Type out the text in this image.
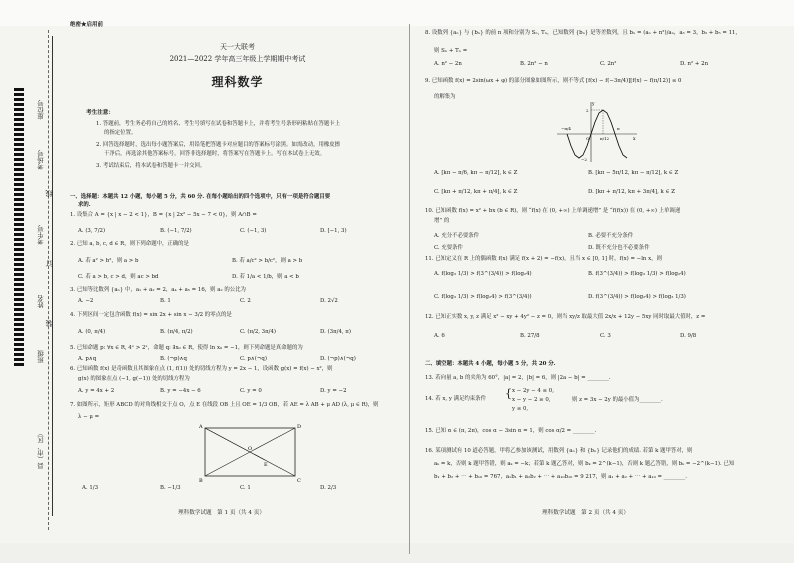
绝密★启用前
座位号
考场号
考生号
姓名
班级
县（市、区）
线
订
装
天一大联考
2021—2022 学年高三年级上学期期中考试
理科数学
考生注意：
1. 答题前，考生务必将自己的姓名、考生号填写在试卷和答题卡上，并将考生号条形码粘贴在答题卡上
的指定位置。
2. 回答选择题时，选出每小题答案后，用铅笔把答题卡对应题目的答案标号涂黑。如需改动，用橡皮擦
干净后，再选涂其他答案标号。回答非选择题时，将答案写在答题卡上。写在本试卷上无效。
3. 考试结束后，将本试卷和答题卡一并交回。
一、选择题：本题共 12 小题，每小题 5 分，共 60 分. 在每小题给出的四个选项中，只有一项是符合题目要
求的.
1. 设集合 A = {x | x − 2 < 1}，B = {x | 2x² − 5x − 7 < 0}，则 A∩B =
A. (3, 7/2)	B. (−1, 7/2)	C. (−1, 3)	D. [−1, 3)
2. 已知 a, b, c, d ∈ R，则下列命题中，正确的是
A. 若 a² > b²，则 a > b	B. 若 a/c² > b/c²，则 a > b
C. 若 a > b, c > d，则 ac > bd	D. 若 1/a < 1/b，则 a < b
3. 已知等比数列 {aₙ} 中，a₁ + a₂ = 2，a₄ + a₅ = 16，则 a₂ 的公比为
A. −2	B. 1	C. 2	D. 2√2
4. 下列区间一定包含函数 f(x) = sin 2x + sin x − 3/2 的零点的是
A. (0, π/4)	B. (π/4, π/2)	C. (π/2, 3π/4)	D. (3π/4, π)
5. 已知命题 p: ∀x ∈ R, 4ˣ > 2ˣ，命题 q: ∃x₀ ∈ R，使得 ln x₀ = −1，则下列命题是真命题的为
A. p∧q	B. (¬p)∧q	C. p∧(¬q)	D. (¬p)∧(¬q)
6. 已知函数 f(x) 是奇函数且其图象在点 (1, f(1)) 处的切线方程为 y = 2x − 1，设函数 g(x) = f(x) − x²，则
g(x) 的图象在点 (−1, g(−1)) 处的切线方程为
A. y = 4x + 2	B. y = −4x − 6	C. y = 0	D. y = −2
7. 如图所示，矩形 ABCD 的对角线相交于点 O，点 E 在线段 OB 上且 OE = 1/3 OB，若 AE = λ AB + μ AD (λ, μ ∈ R)，则
λ − μ =
A	D
B	C
O
E
A. 1/3	B. −1/3	C. 1	D. 2/3
理科数学试题　第 1 页（共 4 页）
8. 设数列 {aₙ} 与 {bₙ} 的前 n 项和分别为 Sₙ, Tₙ，已知数列 {bₙ} 是等差数列，且 bₙ = (aₙ + n²)/aₙ，a₃ = 3，b₃ + b₅ = 11，
则 Sₙ + Tₙ =
A. n² − 2n	B. 2n² − n	C. 2n²	D. n² + 2n
9. 已知函数 f(x) = 2sin(ωx + φ) 的部分图象如图所示，则不等式 [f(x) − f(−3π/4)][f(x) − f(π/12)] ≤ 0
的解集为
y
x
O
2
−2
−π/4
π/12
π
A. [kπ − π/6, kπ − π/12], k ∈ Z	B. [kπ − 5π/12, kπ − π/12], k ∈ Z
C. [kπ + π/12, kπ + π/4], k ∈ Z	D. [kπ + π/12, kπ + 3π/4], k ∈ Z
10. 已知函数 f(x) = x² + bx (b ∈ R)，则 “f(x) 在 (0, +∞) 上单调递增” 是 “f(f(x)) 在 (0, +∞) 上单调递
增” 的
A. 充分不必要条件	B. 必要不充分条件
C. 充要条件	D. 既不充分也不必要条件
11. 已知定义在 R 上的偶函数 f(x) 满足 f(x + 2) = −f(x)，且当 x ∈ [0, 1] 时，f(x) = −ln x，则
A. f(log₃ 1/3) > f(3^(3/4)) > f(log₂4)	B. f(3^(3/4)) > f(log₃ 1/3) > f(log₂4)
C. f(log₃ 1/3) > f(log₂4) > f(3^(3/4))	D. f(3^(3/4)) > f(log₂4) > f(log₃ 1/3)
12. 已知正实数 x, y, z 满足 x² − xy + 4y² − z = 0，则当 xy/z 取最大值 2x/x + 12y − 5xy 同时取最大值时，z =
A. 6	B. 27/8	C. 3	D. 9/8
二、填空题：本题共 4 小题，每小题 5 分，共 20 分.
13. 若向量 a, b 的夹角为 60°，|a| = 2，|b| = 6，则 |2a − b| = ________.
14. 若 x, y 满足约束条件 { x − 2y − 4 ≤ 0,
x − y − 2 ≥ 0,
y ≤ 0,
则 z = 3x − 2y 的最小值为________.
15. 已知 α ∈ (π, 2π)，cos α − 3sin α = 1，则 cos α/2 = ________.
16. 某项测试有 10 道必答题，甲将乙参加该测试，用数列 {aₙ} 和 {bₙ} 记录他们的成绩. 若第 k 题甲答对，则
aₖ = k，否则 k 题甲答错，则 aₖ = −k；若第 k 题乙答对，则 bₖ = 2^(k−1)，否则 k 题乙答错，则 bₖ = −2^(k−1). 已知
b₁ + b₂ + ⋯ + b₁₀ = 767，a₁b₁ + a₂b₂ + ⋯ + a₁₀b₁₀ = 9 217，则 a₁ + a₂ + ⋯ + a₁₀ = ________.
理科数学试题　第 2 页（共 4 页）
